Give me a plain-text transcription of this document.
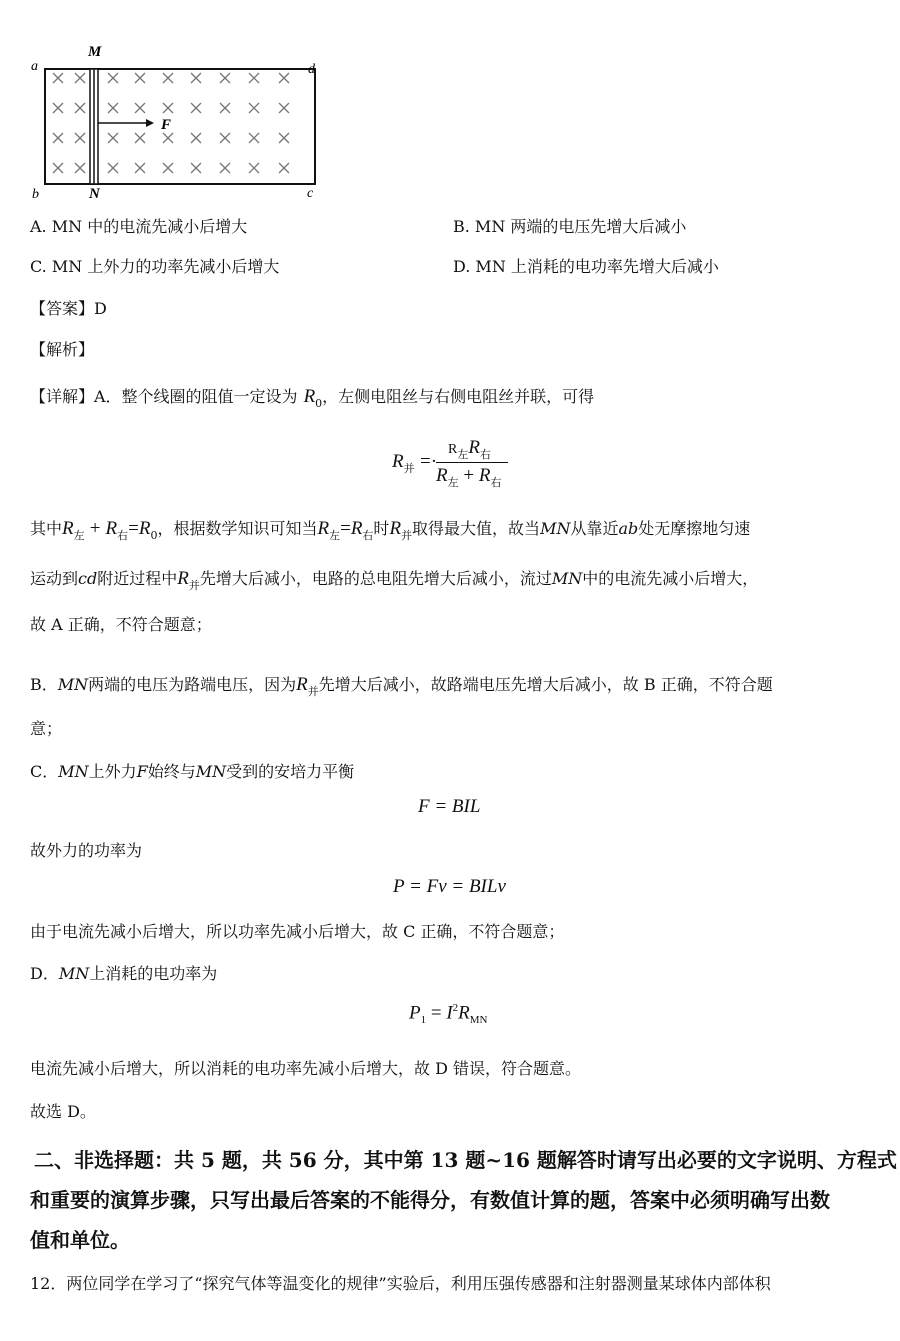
a
b	c
d
M
N
F
A. MN 中的电流先减小后增大	B. MN 两端的电压先增大后减小
C. MN 上外力的功率先减小后增大	D. MN 上消耗的电功率先增大后减小
【答案】D
【解析】
【详解】A．整个线圈的阻值一定设为 $R_0$，左侧电阻丝与右侧电阻丝并联，可得
$R_并$ =·
$R_左R_右$
$R_左 + R_右$
其中$R_左 + R_右=R_0$，根据数学知识可知当$R_左=R_右$时$R_并$取得最大值，故当MN从靠近ab处无摩擦地匀速
运动到cd附近过程中$R_并$先增大后减小，电路的总电阻先增大后减小，流过MN中的电流先减小后增大，
故 A 正确，不符合题意；
B．MN两端的电压为路端电压，因为$R_并$先增大后减小，故路端电压先增大后减小，故 B 正确，不符合题
意；
C．MN上外力F始终与MN受到的安培力平衡
F = BIL
故外力的功率为
P = Fv = BILv
由于电流先减小后增大，所以功率先减小后增大，故 C 正确，不符合题意；
D．MN上消耗的电功率为
$P_1 = I^2R_{MN}$
电流先减小后增大，所以消耗的电功率先减小后增大，故 D 错误，符合题意。
故选 D。
二、非选择题：共 5 题，共 56 分，其中第 13 题~16 题解答时请写出必要的文字说明、方程式
和重要的演算步骤，只写出最后答案的不能得分，有数值计算的题，答案中必须明确写出数
值和单位。
12．两位同学在学习了“探究气体等温变化的规律”实验后，利用压强传感器和注射器测量某球体内部体积
